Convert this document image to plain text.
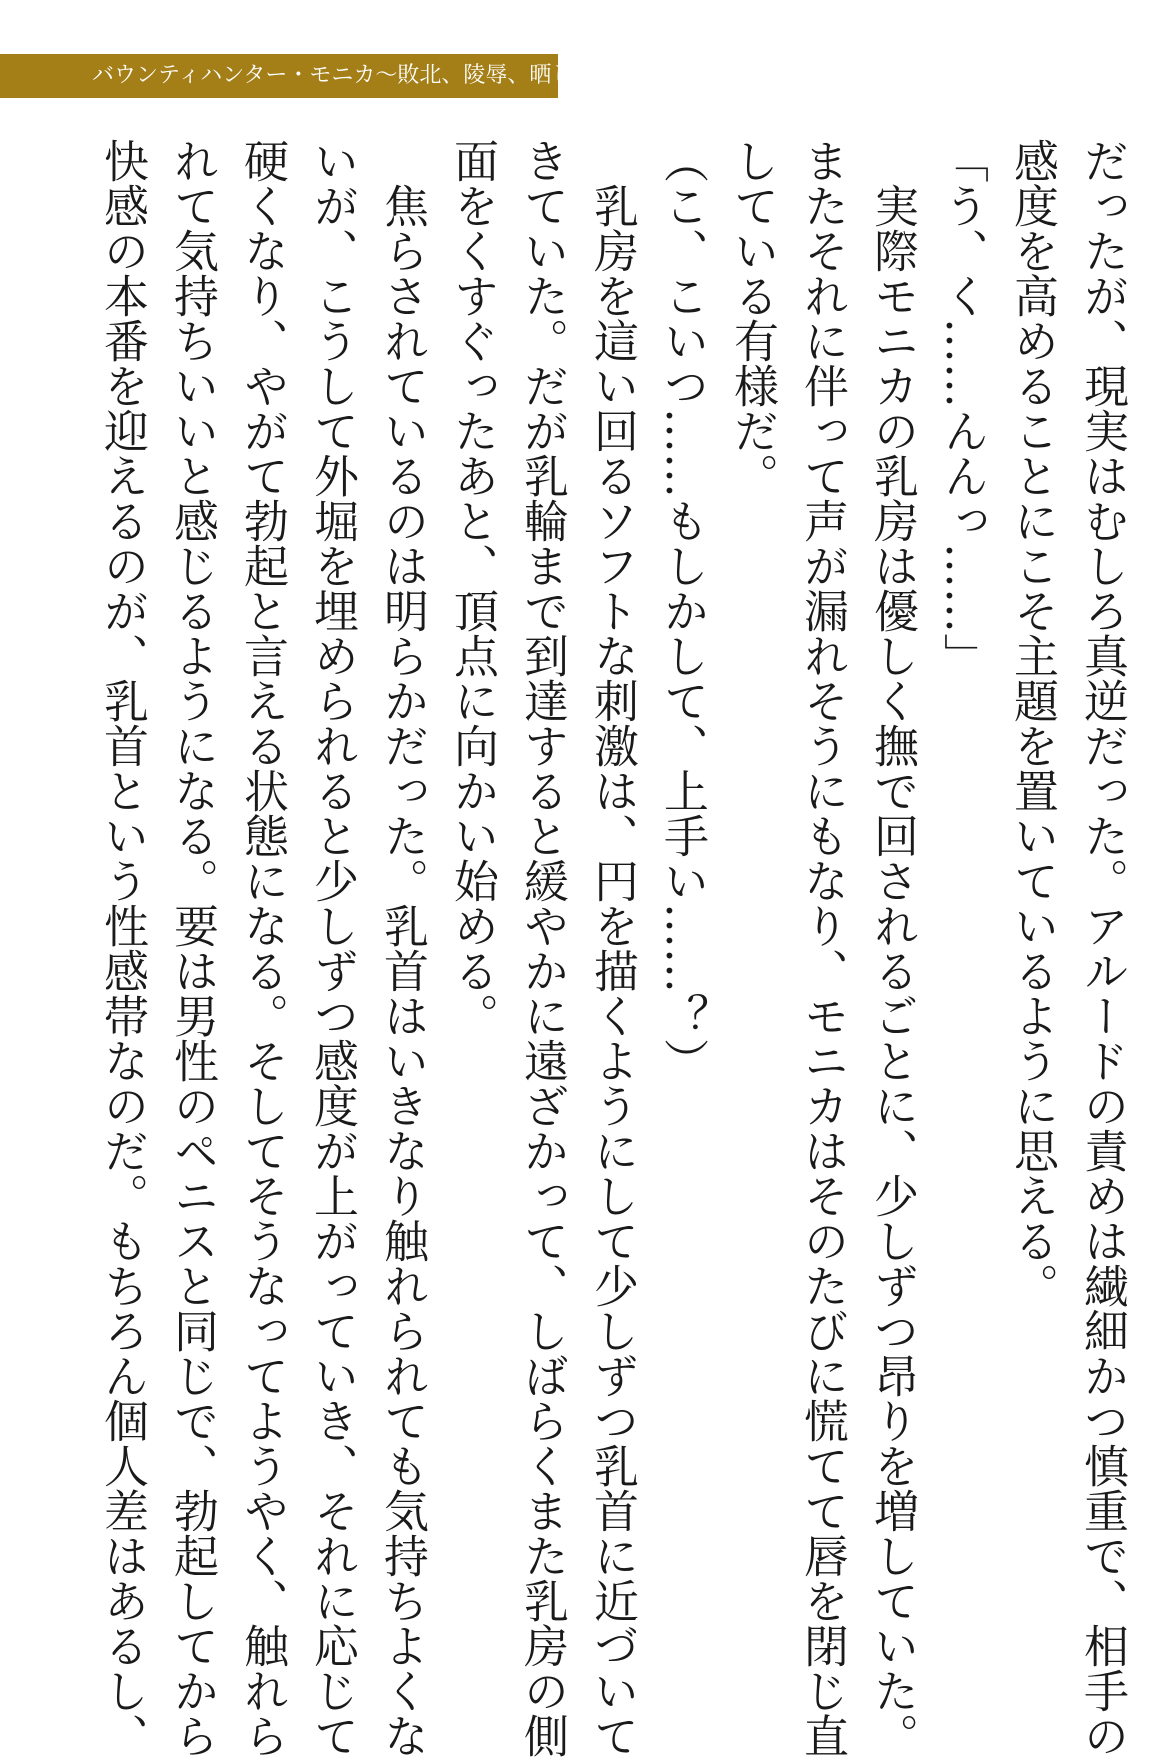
バウンティハンター・モニカ〜敗北、陵辱、晒し者〜
だったが、現実はむしろ真逆だった。アルードの責めは繊細かつ慎重で、相手の
感度を高めることにこそ主題を置いているように思える。
「う、く……んんっ……」
　実際モニカの乳房は優しく撫で回されるごとに、少しずつ昂りを増していた。
またそれに伴って声が漏れそうにもなり、モニカはそのたびに慌てて唇を閉じ直
している有様だ。
（こ、こいつ……もしかして、上手い……？）
　乳房を這い回るソフトな刺激は、円を描くようにして少しずつ乳首に近づいて
きていた。だが乳輪まで到達すると緩やかに遠ざかって、しばらくまた乳房の側
面をくすぐったあと、頂点に向かい始める。
　焦らされているのは明らかだった。乳首はいきなり触れられても気持ちよくな
いが、こうして外堀を埋められると少しずつ感度が上がっていき、それに応じて
硬くなり、やがて勃起と言える状態になる。そしてそうなってようやく、触れら
れて気持ちいいと感じるようになる。要は男性のペニスと同じで、勃起してから
快感の本番を迎えるのが、乳首という性感帯なのだ。もちろん個人差はあるし、
